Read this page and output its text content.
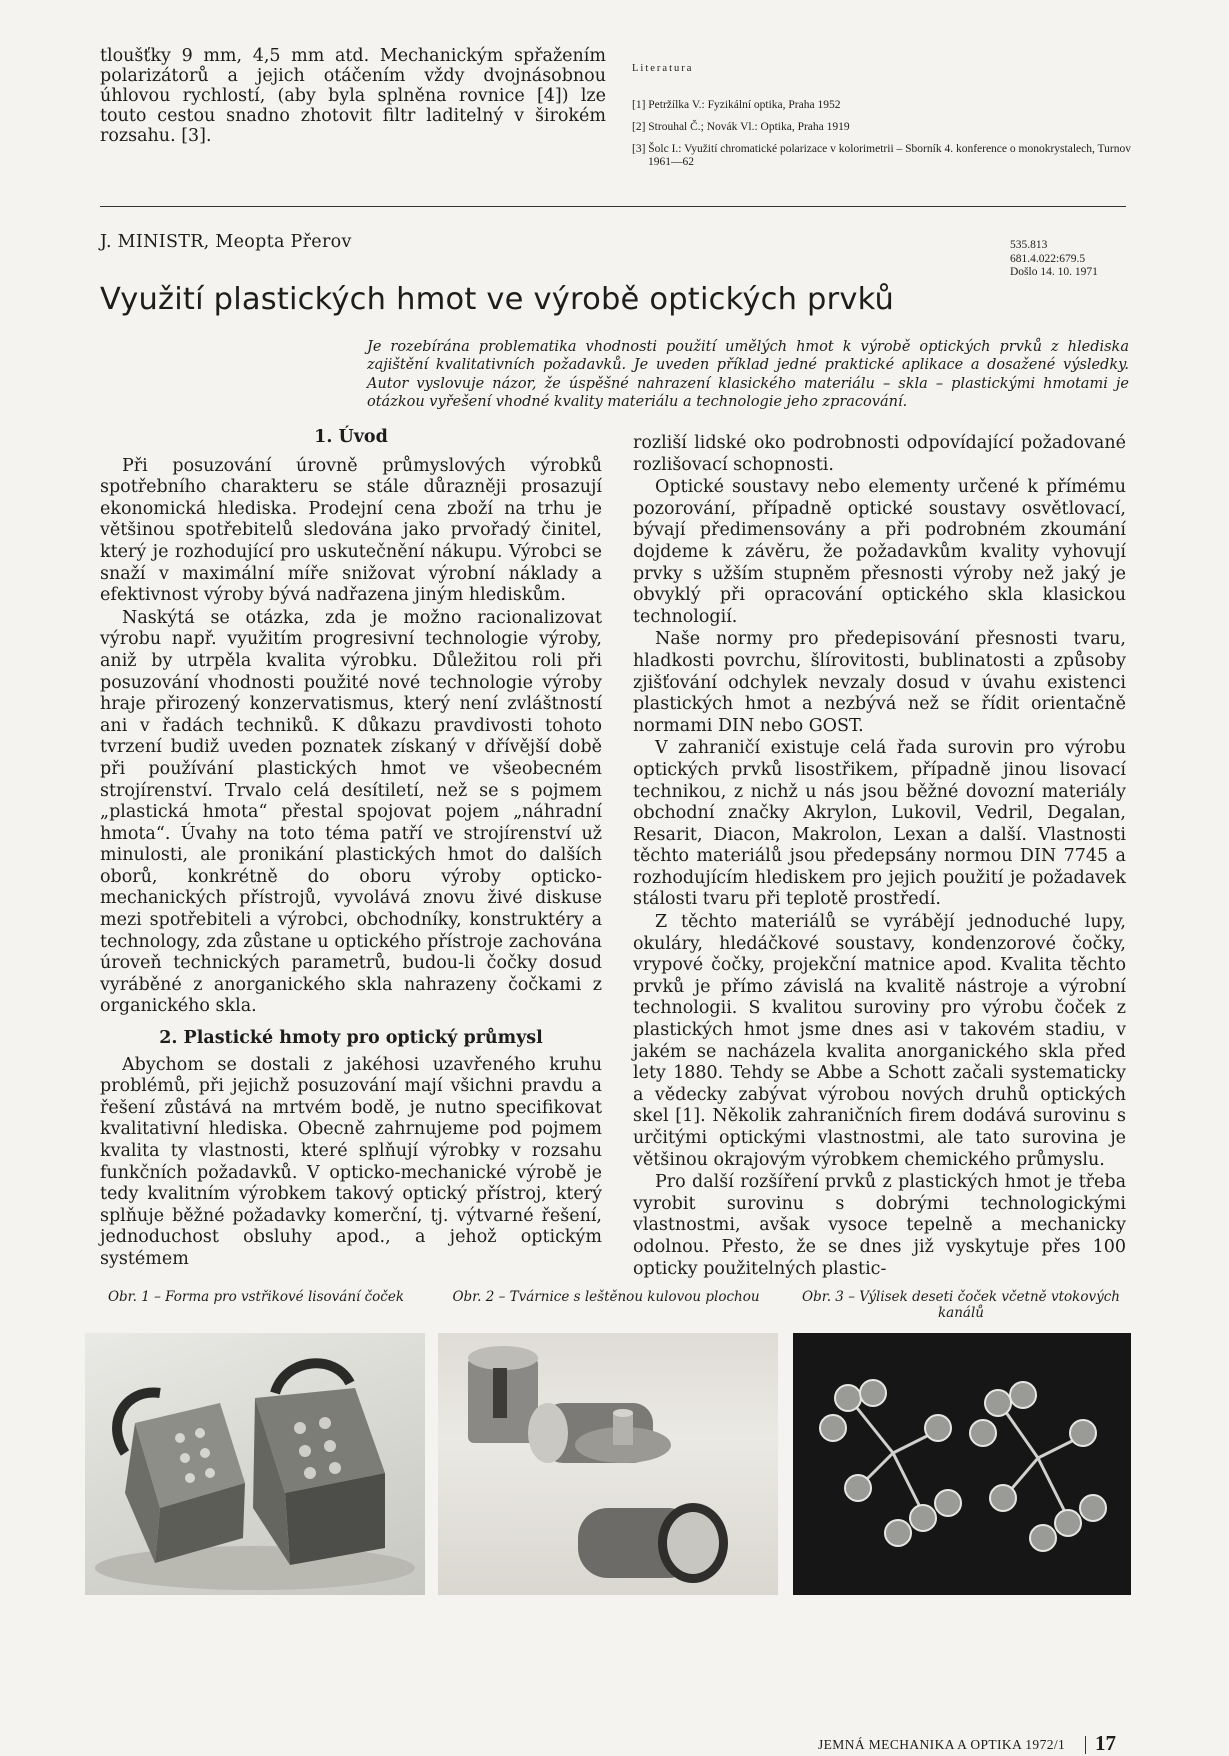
tloušťky 9 mm, 4,5 mm atd. Mechanickým spřažením polarizátorů a jejich otáčením vždy dvojnásobnou úhlovou rychlostí, (aby byla splněna rovnice [4]) lze touto cestou snadno zhotovit filtr laditelný v širokém rozsahu. [3].

Literatura
[1] Petržílka V.: Fyzikální optika, Praha 1952
[2] Strouhal Č.; Novák Vl.: Optika, Praha 1919
[3] Šolc I.: Využití chromatické polarizace v kolorimetrii – Sborník 4. konference o monokrystalech, Turnov 1961—62
J. MINISTR, Meopta Přerov	535.813
681.4.022:679.5
Došlo 14. 10. 1971
Využití plastických hmot ve výrobě optických prvků

Je rozebírána problematika vhodnosti použití umělých hmot k výrobě optických prvků z hlediska zajištění kvalitativních požadavků. Je uveden příklad jedné praktické aplikace a dosažené výsledky. Autor vyslovuje názor, že úspěšné nahrazení klasického materiálu – skla – plastickými hmotami je otázkou vyřešení vhodné kvality materiálu a technologie jeho zpracování.

1. Úvod

Při posuzování úrovně průmyslových výrobků spotřebního charakteru se stále důrazněji prosazují ekonomická hlediska. Prodejní cena zboží na trhu je většinou spotřebitelů sledována jako prvořadý činitel, který je rozhodující pro uskutečnění nákupu. Výrobci se snaží v maximální míře snižovat výrobní náklady a efektivnost výroby bývá nadřazena jiným hlediskům.

Naskýtá se otázka, zda je možno racionalizovat výrobu např. využitím progresivní technologie výroby, aniž by utrpěla kvalita výrobku. Důležitou roli při posuzování vhodnosti použité nové technologie výroby hraje přirozený konzervatismus, který není zvláštností ani v řadách techniků. K důkazu pravdivosti tohoto tvrzení budiž uveden poznatek získaný v dřívější době při používání plastických hmot ve všeobecném strojírenství. Trvalo celá desítiletí, než se s pojmem „plastická hmota“ přestal spojovat pojem „náhradní hmota“. Úvahy na toto téma patří ve strojírenství už minulosti, ale pronikání plastických hmot do dalších oborů, konkrétně do oboru výroby opticko-mechanických přístrojů, vyvolává znovu živé diskuse mezi spotřebiteli a výrobci, obchodníky, konstruktéry a technology, zda zůstane u optického přístroje zachována úroveň technických parametrů, budou-li čočky dosud vyráběné z anorganického skla nahrazeny čočkami z organického skla.

2. Plastické hmoty pro optický průmysl

Abychom se dostali z jakéhosi uzavřeného kruhu problémů, při jejichž posuzování mají všichni pravdu a řešení zůstává na mrtvém bodě, je nutno specifikovat kvalitativní hlediska. Obecně zahrnujeme pod pojmem kvalita ty vlastnosti, které splňují výrobky v rozsahu funkčních požadavků. V opticko-mechanické výrobě je tedy kvalitním výrobkem takový optický přístroj, který splňuje běžné požadavky komerční, tj. výtvarné řešení, jednoduchost obsluhy apod., a jehož optickým systémem

rozliší lidské oko podrobnosti odpovídající požadované rozlišovací schopnosti.

Optické soustavy nebo elementy určené k přímému pozorování, případně optické soustavy osvětlovací, bývají předimensovány a při podrobném zkoumání dojdeme k závěru, že požadavkům kvality vyhovují prvky s užším stupněm přesnosti výroby než jaký je obvyklý při opracování optického skla klasickou technologií.

Naše normy pro předepisování přesnosti tvaru, hladkosti povrchu, šlírovitosti, bublinatosti a způsoby zjišťování odchylek nevzaly dosud v úvahu existenci plastických hmot a nezbývá než se řídit orientačně normami DIN nebo GOST.

V zahraničí existuje celá řada surovin pro výrobu optických prvků lisostřikem, případně jinou lisovací technikou, z nichž u nás jsou běžné dovozní materiály obchodní značky Akrylon, Lukovil, Vedril, Degalan, Resarit, Diacon, Makrolon, Lexan a další. Vlastnosti těchto materiálů jsou předepsány normou DIN 7745 a rozhodujícím hlediskem pro jejich použití je požadavek stálosti tvaru při teplotě prostředí.

Z těchto materiálů se vyrábějí jednoduché lupy, okuláry, hledáčkové soustavy, kondenzorové čočky, vrypové čočky, projekční matnice apod. Kvalita těchto prvků je přímo závislá na kvalitě nástroje a výrobní technologii. S kvalitou suroviny pro výrobu čoček z plastických hmot jsme dnes asi v takovém stadiu, v jakém se nacházela kvalita anorganického skla před lety 1880. Tehdy se Abbe a Schott začali systematicky a vědecky zabývat výrobou nových druhů optických skel [1]. Několik zahraničních firem dodává surovinu s určitými optickými vlastnostmi, ale tato surovina je většinou okrajovým výrobkem chemického průmyslu.

Pro další rozšíření prvků z plastických hmot je třeba vyrobit surovinu s dobrými technologickými vlastnostmi, avšak vysoce tepelně a mechanicky odolnou. Přesto, že se dnes již vyskytuje přes 100 opticky použitelných plastic-

Obr. 1 – Forma pro vstřikové lisování čoček	Obr. 2 – Tvárnice s leštěnou kulovou plochou	Obr. 3 – Výlisek deseti čoček včetně vtokových kanálů
JEMNÁ MECHANIKA A OPTIKA 1972/1 17
